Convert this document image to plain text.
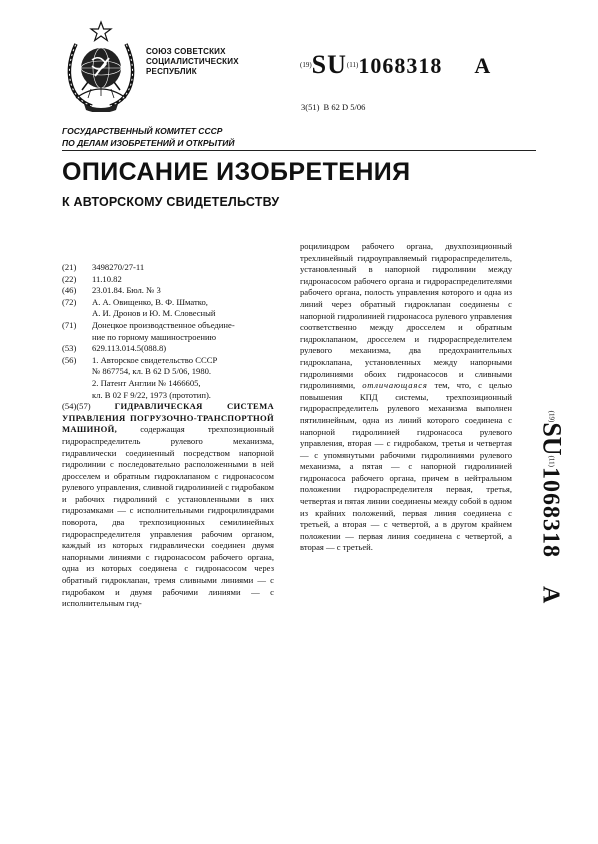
СОЮЗ СОВЕТСКИХ
СОЦИАЛИСТИЧЕСКИХ
РЕСПУБЛИК
$^{(19)}$SU$^{(11)}$1068318 A
3(51) В 62 D 5/06
ГОСУДАРСТВЕННЫЙ КОМИТЕТ СССР
ПО ДЕЛАМ ИЗОБРЕТЕНИЙ И ОТКРЫТИЙ
ОПИСАНИЕ ИЗОБРЕТЕНИЯ
К АВТОРСКОМУ СВИДЕТЕЛЬСТВУ
(21) 3498270/27-11
(22) 11.10.82
(46) 23.01.84. Бюл. № 3
(72) А. А. Овищенко, В. Ф. Шматко,
А. И. Дронов и Ю. М. Словесный
(71) Донецкое производственное объедине-
ние по горному машиностроению
(53) 629.113.014.5(088.8)
(56) 1. Авторское свидетельство СССР
№ 867754, кл. В 62 D 5/06, 1980.
2. Патент Англии № 1466605,
кл. В 02 F 9/22, 1973 (прототип).

(54)(57)	ГИДРАВЛИЧЕСКАЯ СИСТЕМА УПРАВЛЕНИЯ ПОГРУЗОЧНО-ТРАНСПОРТНОЙ МАШИНОЙ,	содержащая трехпозиционный гидрораспределитель рулевого механизма, гидравлически соединенный посредством напорной гидролинии с последовательно расположенными в ней дросселем и обратным гидроклапаном с гидронасосом рулевого управления, сливной гидролинией с гидробаком и рабочих гидролиний с установленными в них гидрозамками — с исполнительными гидроцилиндрами поворота, два трехпозиционных семилинейных гидрораспределителя управления рабочим органом, каждый из которых гидравлически соединен двумя напорными линиями с гидронасосом рабочего органа, одна из которых соединена с гидронасосом через обратный гидроклапан, тремя сливными линиями — с гидробаком и двумя рабочими линиями — с исполнительным гид-

роцилиндром рабочего органа, двухпозиционный трехлинейный гидроуправляемый гидрораспределитель, установленный в напорной гидролинии между гидронасосом рабочего органа и гидрораспределителями рабочего органа, полость управления которого и одна из линий через обратный гидроклапан соединены с напорной гидролинией гидронасоса рулевого управления соответственно между дросселем и обратным гидроклапаном, дросселем и гидрораспределителем рулевого механизма, два предохранительных гидроклапана, установленных между напорными гидролиниями обоих гидронасосов и сливными гидролиниями, отличающаяся тем, что, с целью повышения КПД системы, трехпозиционный гидрораспределитель рулевого механизма выполнен пятилинейным, одна из линий которого соединена с напорной гидролинией гидронасоса рулевого управления, вторая — с гидробаком, третья и четвертая — с упомянутыми рабочими гидролиниями рулевого механизма, а пятая — с напорной гидролинией гидронасоса рабочего органа, причем в нейтральном положении гидрораспределителя первая, третья, четвертая и пятая линии соединены между собой в одном из крайних положений, первая линия соединена с третьей, а вторая — с четвертой, а в другом крайнем положении — первая линия соединена с четвертой, а вторая — с третьей.

$^{(19)}$SU$^{(11)}$1068318A
